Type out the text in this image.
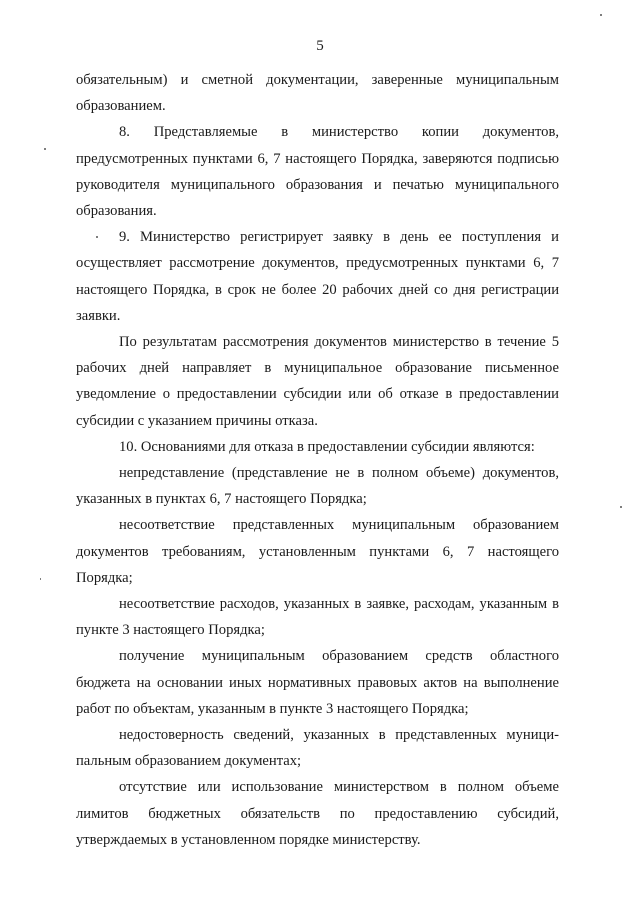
5

обязательным) и сметной документации, заверенные муниципальным образованием.

8. Представляемые в министерство копии документов, предусмотренных пунктами 6, 7 настоящего Порядка, заверяются подписью руководителя муниципального образования и печатью муниципального образования.

9. Министерство регистрирует заявку в день ее поступления и осуществляет рассмотрение документов, предусмотренных пунктами 6, 7 настоящего Порядка, в срок не более 20 рабочих дней со дня регистрации заявки.

По результатам рассмотрения документов министерство в течение 5 рабочих дней направляет в муниципальное образование письменное уведомление о предоставлении субсидии или об отказе в предоставлении субсидии с указанием причины отказа.

10. Основаниями для отказа в предоставлении субсидии являются:

непредставление (представление не в полном объеме) документов, указанных в пунктах 6, 7 настоящего Порядка;

несоответствие представленных муниципальным образованием документов требованиям, установленным пунктами 6, 7 настоящего Порядка;

несоответствие расходов, указанных в заявке, расходам, указанным в пункте 3 настоящего Порядка;

получение муниципальным образованием средств областного бюджета на основании иных нормативных правовых актов на выполнение работ по объектам, указанным в пункте 3 настоящего Порядка;

недостоверность сведений, указанных в представленных муници-пальным образованием документах;

отсутствие или использование министерством в полном объеме лимитов бюджетных обязательств по предоставлению субсидий, утверждаемых в установленном порядке министерству.
